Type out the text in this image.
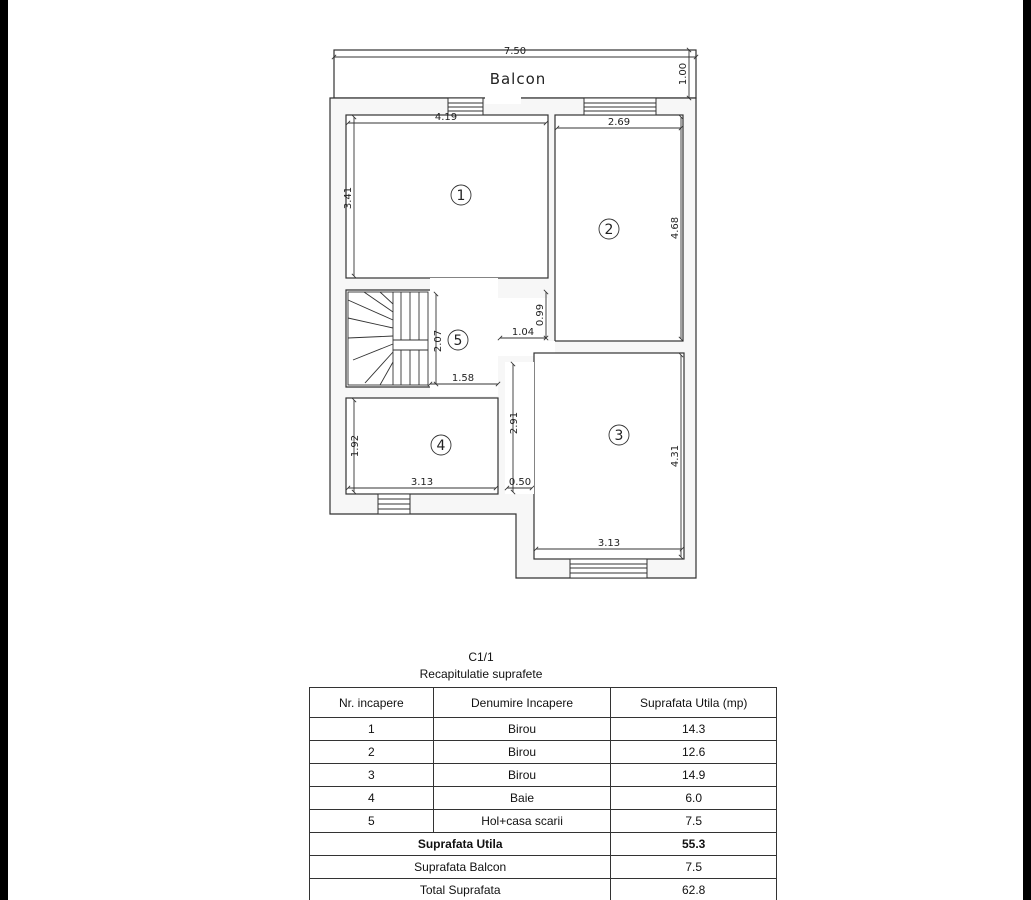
7.50
1.00
4.19
3.41
2.69
4.68
1.04
0.99
2.07
1.58
1.92
3.13	0.50
2.91
4.31
3.13
Balcon
1
2
3
4
5
C1/1
Recapitulatie suprafete
Nr. incapere	Denumire Incapere	Suprafata Utila (mp)
1	Birou	14.3
2	Birou	12.6
3	Birou	14.9
4	Baie	6.0
5	Hol+casa scarii	7.5
Suprafata Utila		55.3
Suprafata Balcon		7.5
Total Suprafata		62.8
